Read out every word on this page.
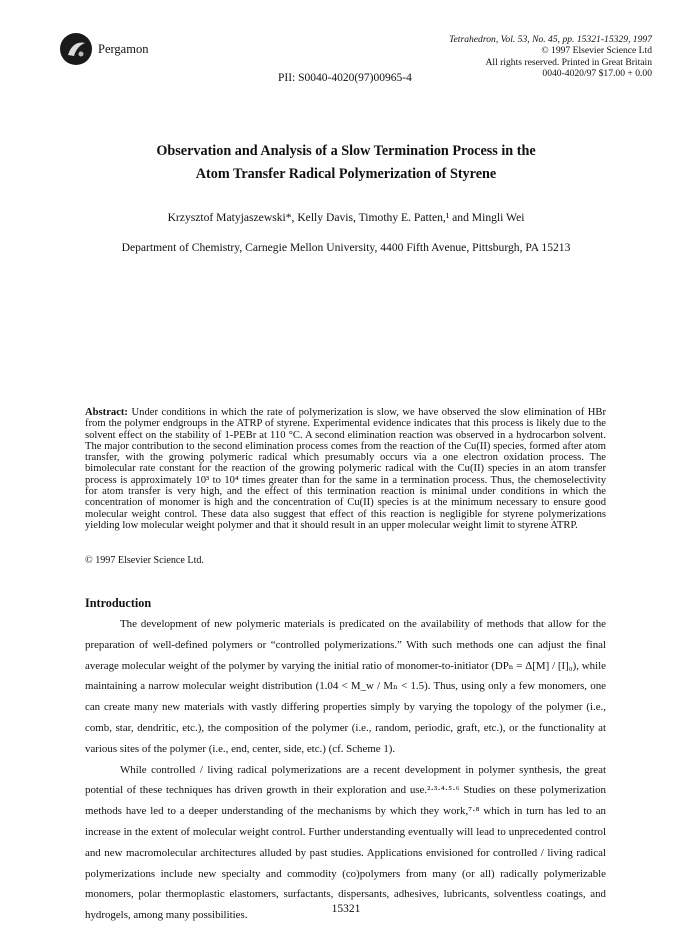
Pergamon
Tetrahedron, Vol. 53, No. 45, pp. 15321-15329, 1997
© 1997 Elsevier Science Ltd
All rights reserved. Printed in Great Britain
0040-4020/97 $17.00 + 0.00
PII: S0040-4020(97)00965-4
Observation and Analysis of a Slow Termination Process in the
Atom Transfer Radical Polymerization of Styrene
Krzysztof Matyjaszewski*, Kelly Davis, Timothy E. Patten,¹ and Mingli Wei
Department of Chemistry, Carnegie Mellon University, 4400 Fifth Avenue, Pittsburgh, PA 15213
Abstract: Under conditions in which the rate of polymerization is slow, we have observed the slow elimination of HBr from the polymer endgroups in the ATRP of styrene. Experimental evidence indicates that this process is likely due to the solvent effect on the stability of 1-PEBr at 110 °C. A second elimination reaction was observed in a hydrocarbon solvent. The major contribution to the second elimination process comes from the reaction of the Cu(II) species, formed after atom transfer, with the growing polymeric radical which presumably occurs via a one electron oxidation process. The bimolecular rate constant for the reaction of the growing polymeric radical with the Cu(II) species in an atom transfer process is approximately 10³ to 10⁴ times greater than for the same in a termination process. Thus, the chemoselectivity for atom transfer is very high, and the effect of this termination reaction is minimal under conditions in which the concentration of monomer is high and the concentration of Cu(II) species is at the minimum necessary to ensure good molecular weight control. These data also suggest that effect of this reaction is negligible for styrene polymerizations yielding low molecular weight polymer and that it should result in an upper molecular weight limit to styrene ATRP.
© 1997 Elsevier Science Ltd.
Introduction

The development of new polymeric materials is predicated on the availability of methods that allow for the preparation of well-defined polymers or “controlled polymerizations.” With such methods one can adjust the final average molecular weight of the polymer by varying the initial ratio of monomer-to-initiator (DPₙ = Δ[M] / [I]₀), while maintaining a narrow molecular weight distribution (1.04 < M_w / Mₙ < 1.5). Thus, using only a few monomers, one can create many new materials with vastly differing properties simply by varying the topology of the polymer (i.e., comb, star, dendritic, etc.), the composition of the polymer (i.e., random, periodic, graft, etc.), or the functionality at various sites of the polymer (i.e., end, center, side, etc.) (cf. Scheme 1).

While controlled / living radical polymerizations are a recent development in polymer synthesis, the great potential of these techniques has driven growth in their exploration and use.²·³·⁴·⁵·⁶ Studies on these polymerization methods have led to a deeper understanding of the mechanisms by which they work,⁷·⁸ which in turn has led to an increase in the extent of molecular weight control. Further understanding eventually will lead to unprecedented control and new macromolecular architectures alluded by past studies. Applications envisioned for controlled / living radical polymerizations include new specialty and commodity (co)polymers from many (or all) radically polymerizable monomers, polar thermoplastic elastomers, surfactants, dispersants, adhesives, lubricants, solventless coatings, and hydrogels, among many possibilities.

15321
